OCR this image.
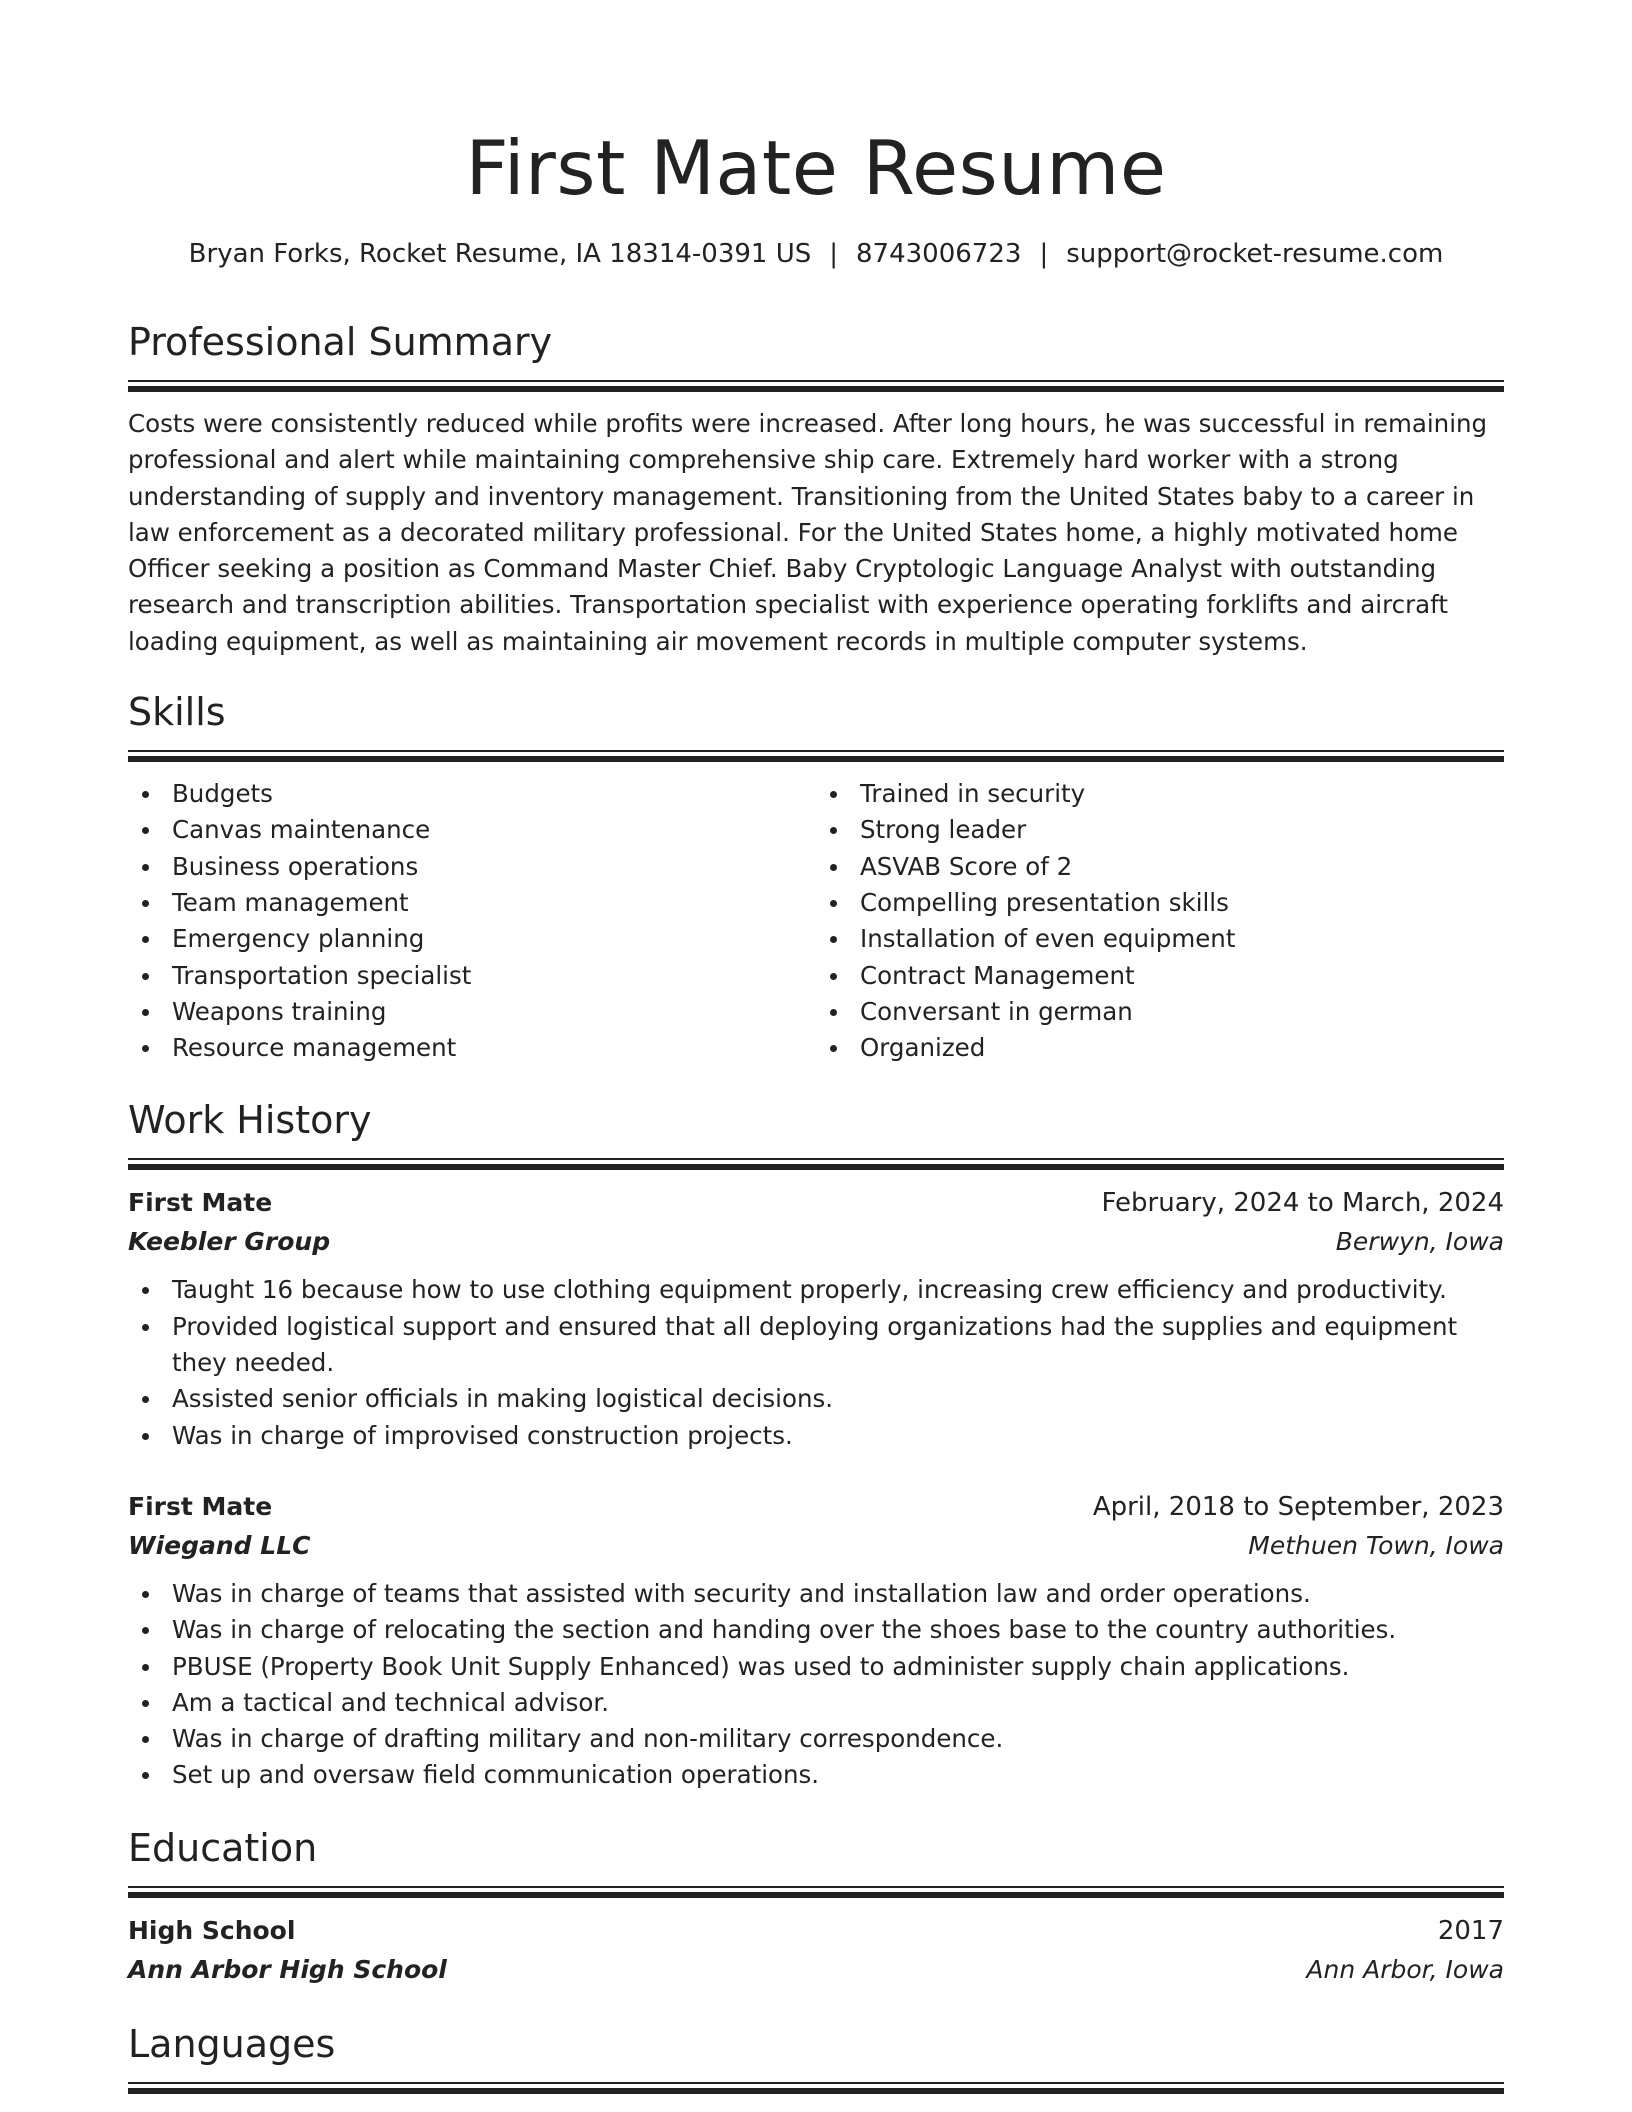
First Mate Resume
Bryan Forks, Rocket Resume, IA 18314-0391 US | 8743006723 | support@rocket-resume.com
Professional Summary

Costs were consistently reduced while profits were increased. After long hours, he was successful in remaining professional and alert while maintaining comprehensive ship care. Extremely hard worker with a strong understanding of supply and inventory management. Transitioning from the United States baby to a career in law enforcement as a decorated military professional. For the United States home, a highly motivated home Officer seeking a position as Command Master Chief. Baby Cryptologic Language Analyst with outstanding research and transcription abilities. Transportation specialist with experience operating forklifts and aircraft loading equipment, as well as maintaining air movement records in multiple computer systems.

Skills
Budgets
Canvas maintenance
Business operations
Team management
Emergency planning
Transportation specialist
Weapons training
Resource management
Trained in security
Strong leader
ASVAB Score of 2
Compelling presentation skills
Installation of even equipment
Contract Management
Conversant in german
Organized
Work History
First Mate	February, 2024 to March, 2024
Keebler Group	Berwyn, Iowa
Taught 16 because how to use clothing equipment properly, increasing crew efficiency and productivity.
Provided logistical support and ensured that all deploying organizations had the supplies and equipment they needed.
Assisted senior officials in making logistical decisions.
Was in charge of improvised construction projects.
First Mate	April, 2018 to September, 2023
Wiegand LLC	Methuen Town, Iowa
Was in charge of teams that assisted with security and installation law and order operations.
Was in charge of relocating the section and handing over the shoes base to the country authorities.
PBUSE (Property Book Unit Supply Enhanced) was used to administer supply chain applications.
Am a tactical and technical advisor.
Was in charge of drafting military and non-military correspondence.
Set up and oversaw field communication operations.
Education
High School	2017
Ann Arbor High School	Ann Arbor, Iowa
Languages
